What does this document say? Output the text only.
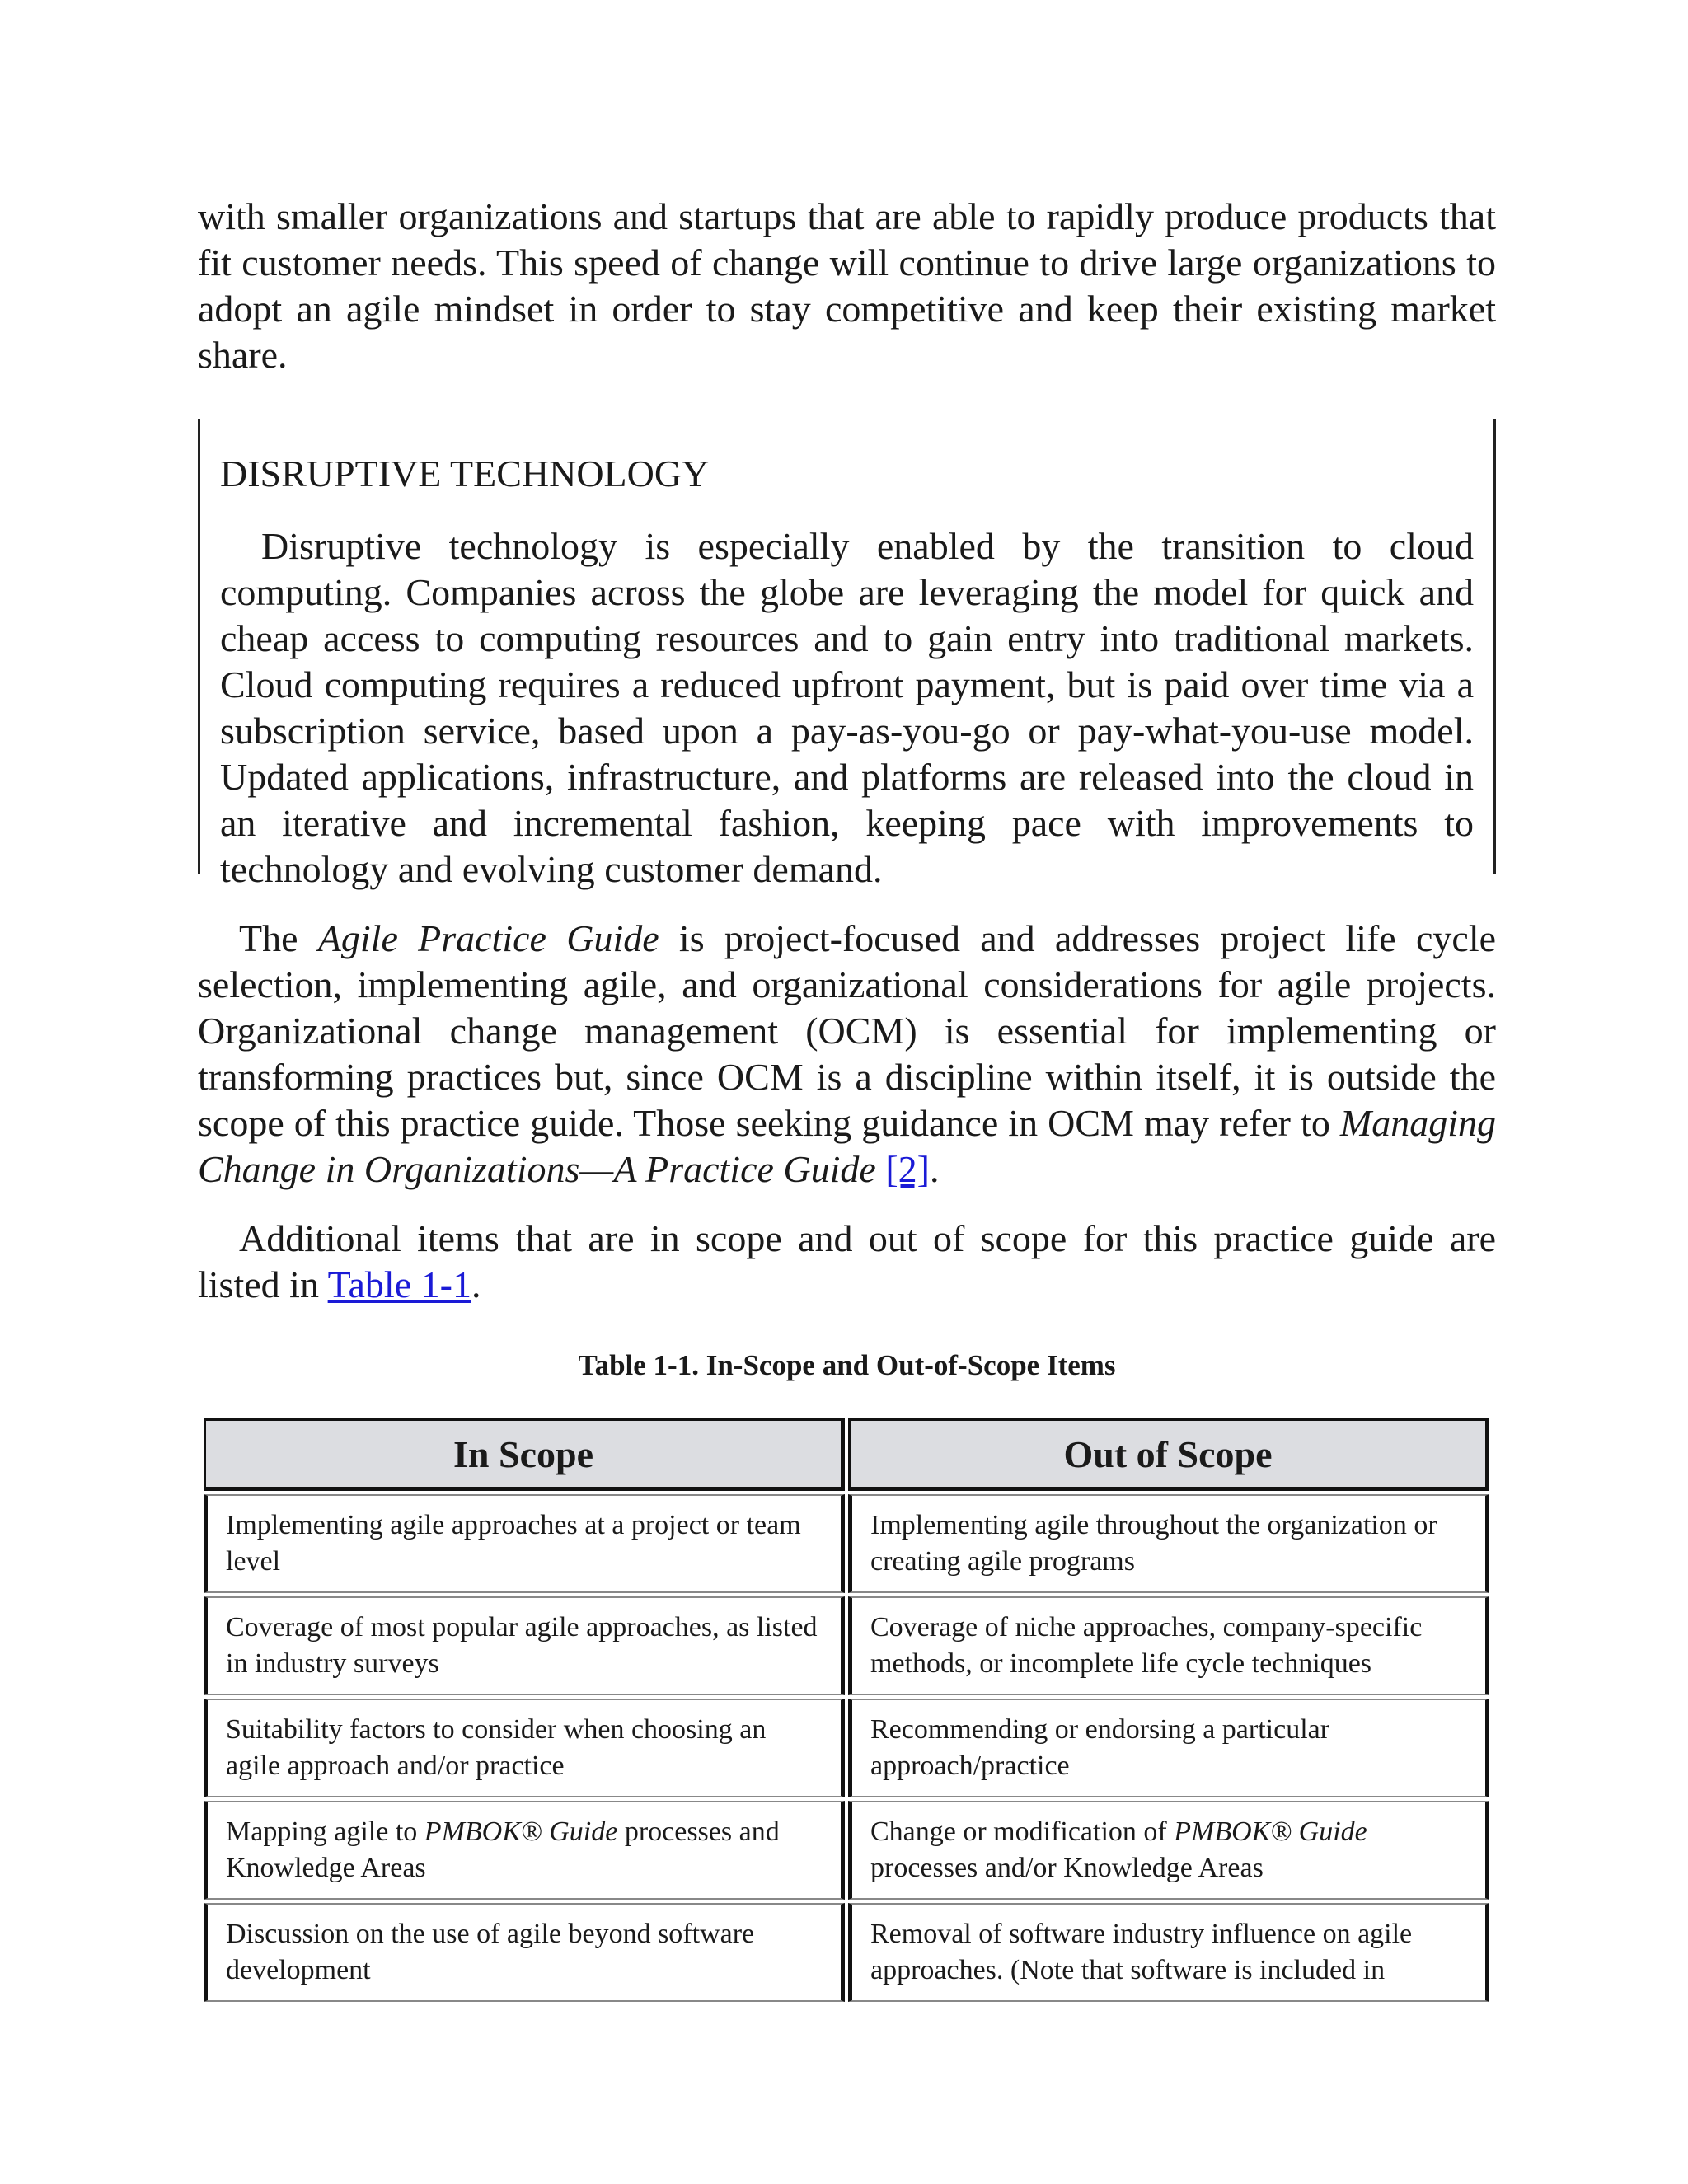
with smaller organizations and startups that are able to rapidly produce products that fit customer needs. This speed of change will continue to drive large organizations to adopt an agile mindset in order to stay competitive and keep their existing market share.

DISRUPTIVE TECHNOLOGY

Disruptive technology is especially enabled by the transition to cloud computing. Companies across the globe are leveraging the model for quick and cheap access to computing resources and to gain entry into traditional markets. Cloud computing requires a reduced upfront payment, but is paid over time via a subscription service, based upon a pay-as-you-go or pay-what-you-use model. Updated applications, infrastructure, and platforms are released into the cloud in an iterative and incremental fashion, keeping pace with improvements to technology and evolving customer demand.

The Agile Practice Guide is project-focused and addresses project life cycle selection, implementing agile, and organizational considerations for agile projects. Organizational change management (OCM) is essential for implementing or transforming practices but, since OCM is a discipline within itself, it is outside the scope of this practice guide. Those seeking guidance in OCM may refer to Managing Change in Organizations—A Practice Guide [2].

Additional items that are in scope and out of scope for this practice guide are listed in Table 1-1.

Table 1-1. In-Scope and Out-of-Scope Items
In Scope	Out of Scope
Implementing agile approaches at a project or team level	Implementing agile throughout the organization or creating agile programs
Coverage of most popular agile approaches, as listed in industry surveys	Coverage of niche approaches, company-specific methods, or incomplete life cycle techniques
Suitability factors to consider when choosing an agile approach and/or practice	Recommending or endorsing a particular approach/practice
Mapping agile to PMBOK® Guide processes and Knowledge Areas	Change or modification of PMBOK® Guide processes and/or Knowledge Areas
Discussion on the use of agile beyond software development	Removal of software industry influence on agile approaches. (Note that software is included in
